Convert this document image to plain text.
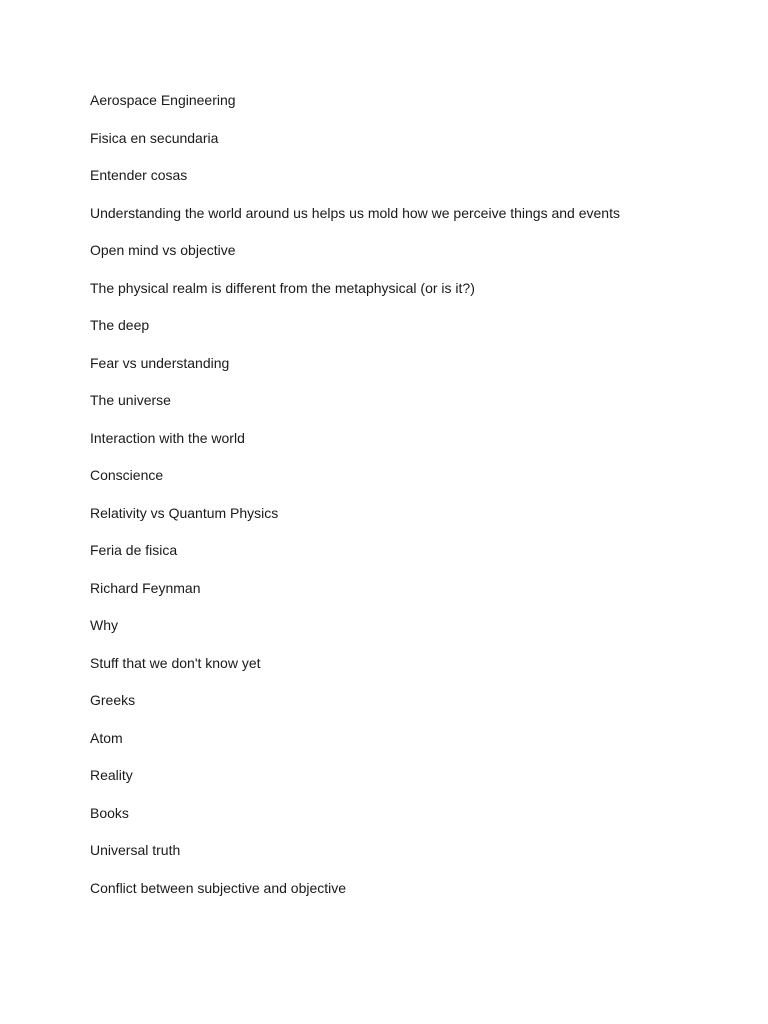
Aerospace Engineering
Fisica en secundaria
Entender cosas
Understanding the world around us helps us mold how we perceive things and events
Open mind vs objective
The physical realm is different from the metaphysical (or is it?)
The deep
Fear vs understanding
The universe
Interaction with the world
Conscience
Relativity vs Quantum Physics
Feria de fisica
Richard Feynman
Why
Stuff that we don't know yet
Greeks
Atom
Reality
Books
Universal truth
Conflict between subjective and objective
